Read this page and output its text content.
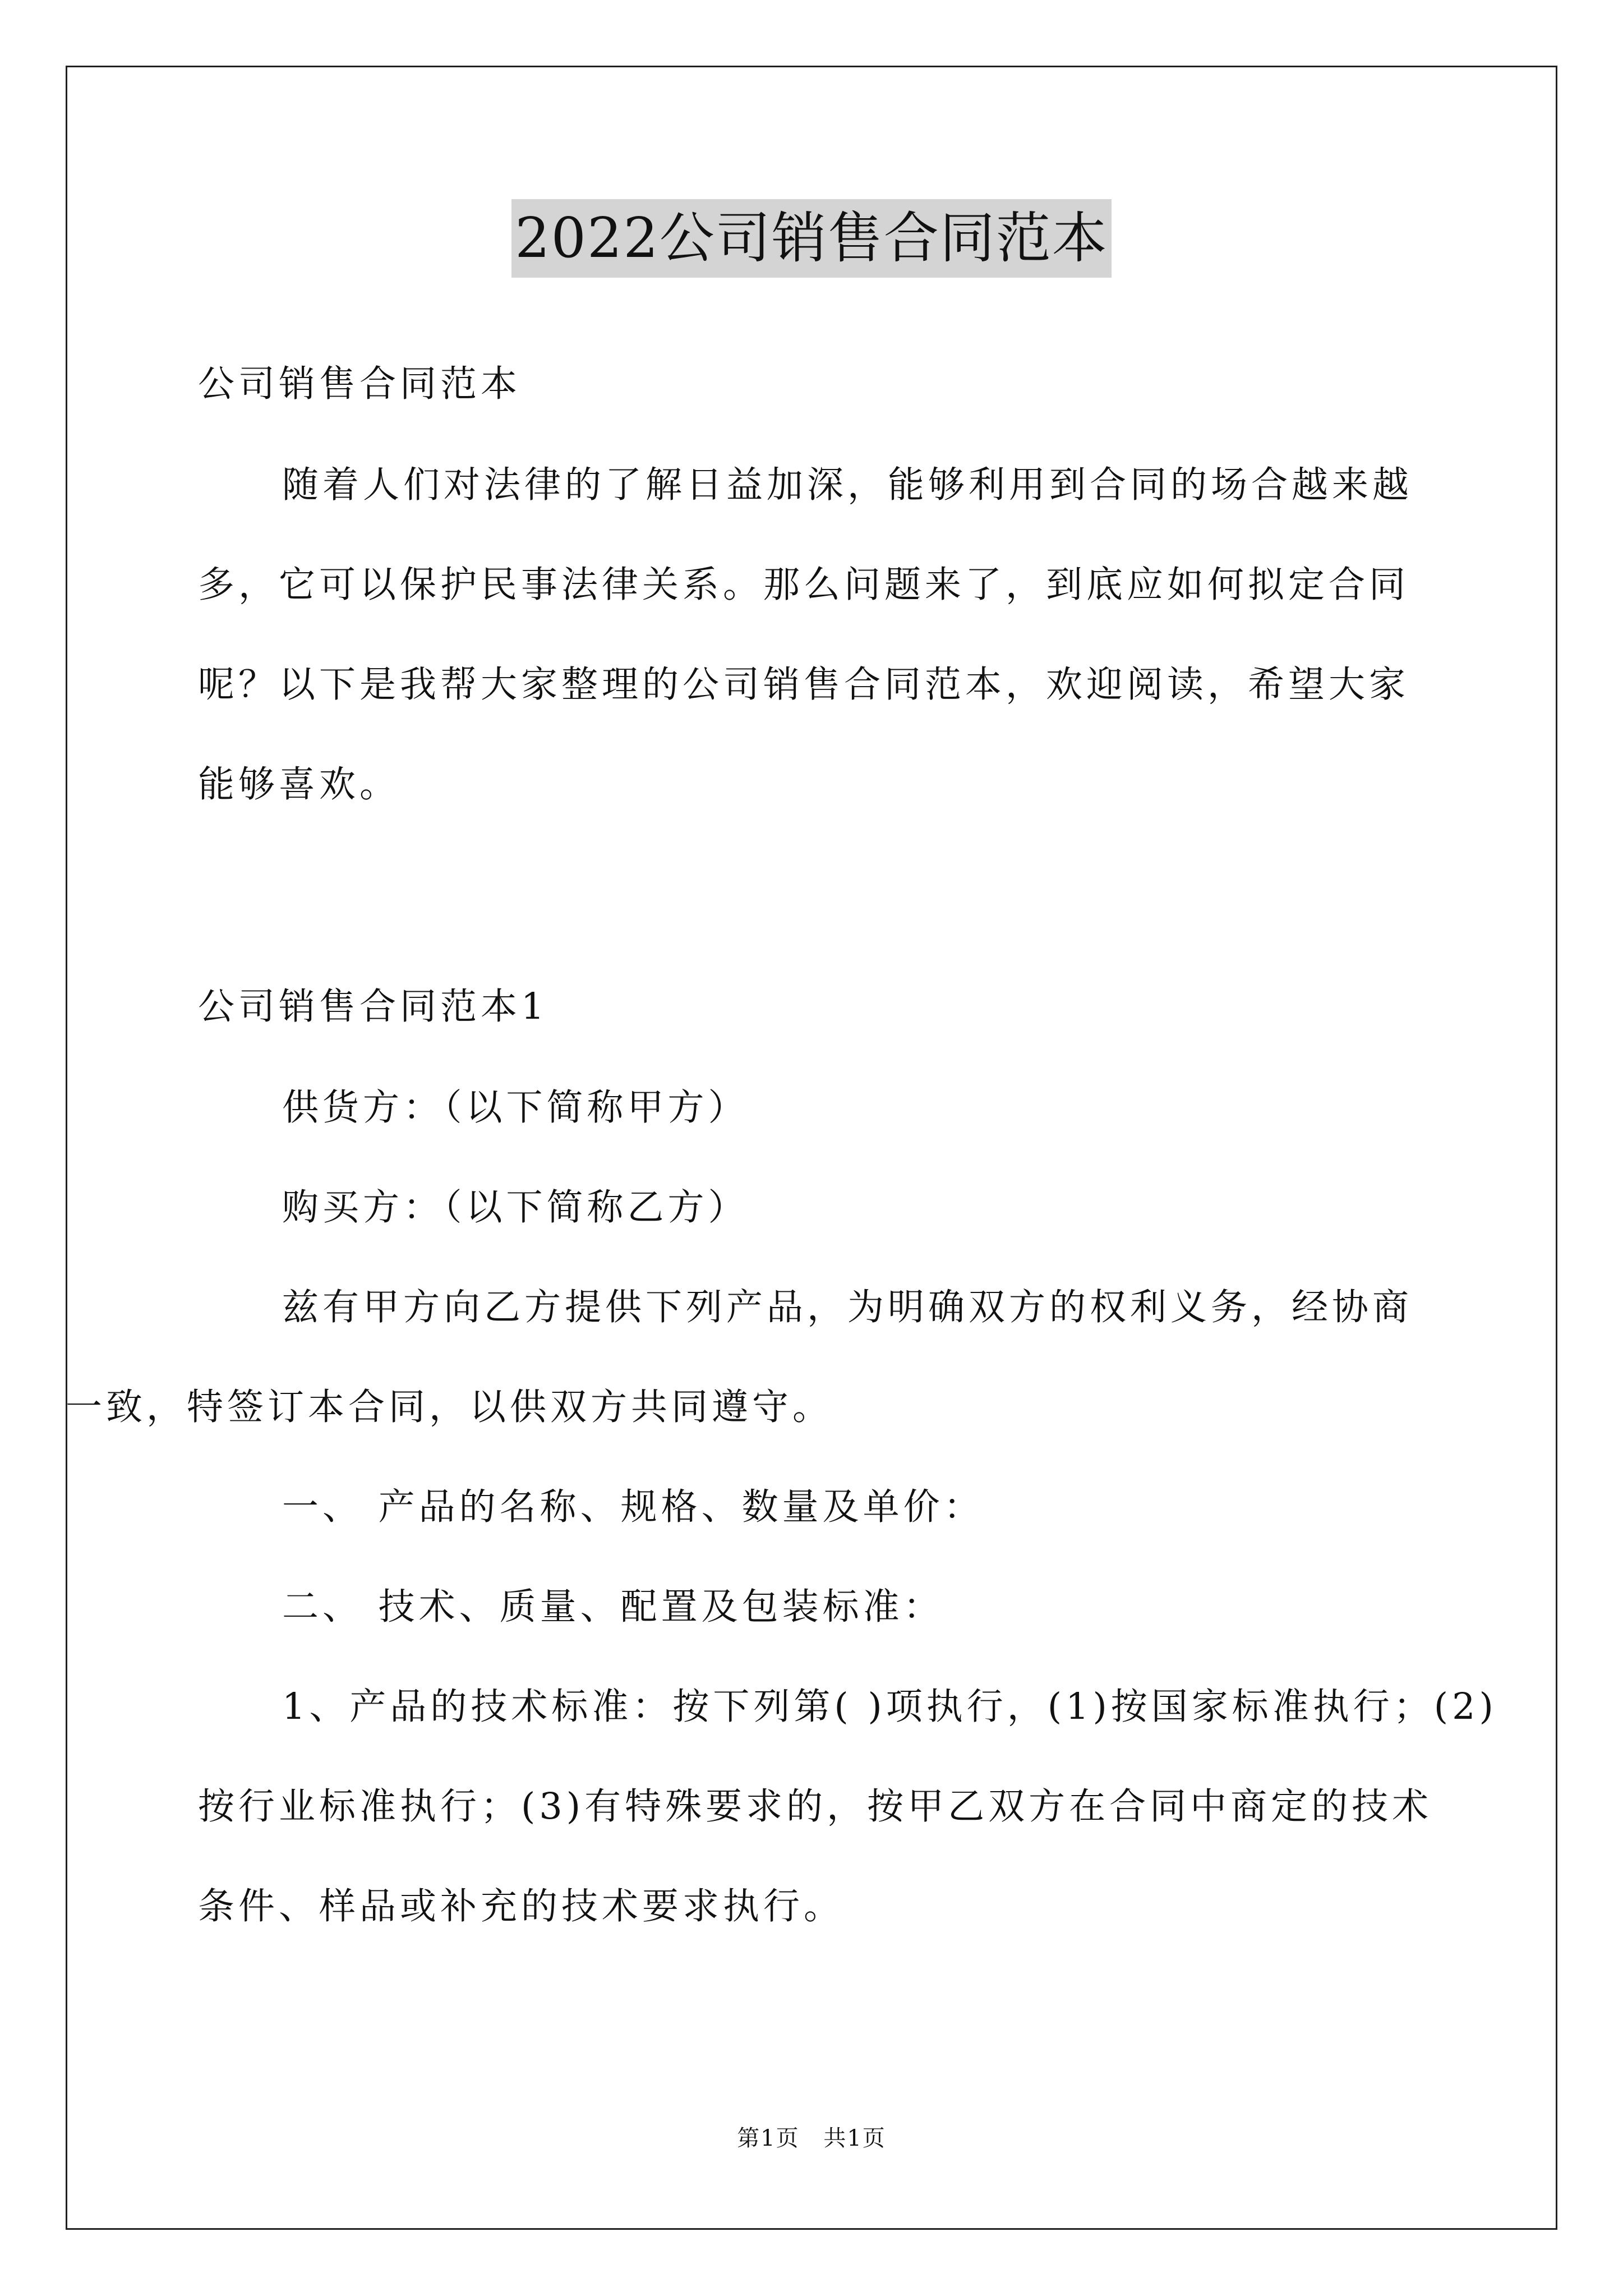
2022公司销售合同范本
公司销售合同范本
随着人们对法律的了解日益加深，能够利用到合同的场合越来越
多，它可以保护民事法律关系。那么问题来了，到底应如何拟定合同
呢？以下是我帮大家整理的公司销售合同范本，欢迎阅读，希望大家
能够喜欢。
公司销售合同范本1
供货方：（以下简称甲方）
购买方：（以下简称乙方）
兹有甲方向乙方提供下列产品，为明确双方的权利义务，经协商
一致，特签订本合同，以供双方共同遵守。
一、 产品的名称、规格、数量及单价：
二、 技术、质量、配置及包装标准：
1、产品的技术标准：按下列第( )项执行，(1)按国家标准执行；(2)
按行业标准执行；(3)有特殊要求的，按甲乙双方在合同中商定的技术
条件、样品或补充的技术要求执行。
第1页 共1页
